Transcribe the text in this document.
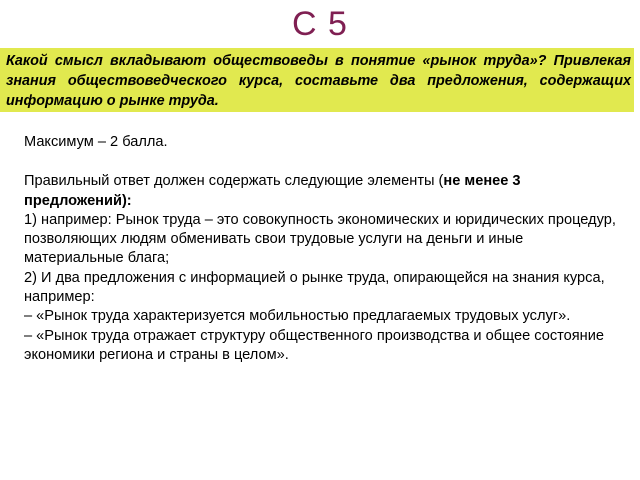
С 5

Какой смысл вкладывают обществоведы в понятие «рынок труда»? Привлекая знания обществоведческого курса, составьте два предложения, содержащих информацию о рынке труда.

Максимум – 2 балла.

Правильный ответ должен содержать следующие элементы (не менее 3 предложений):

1) например: Рынок труда – это совокупность экономических и юридических процедур, позволяющих людям обменивать свои трудовые услуги на деньги и иные материальные блага;

2) И два предложения с информацией о рынке труда, опирающейся на знания курса, например:

– «Рынок труда характеризуется мобильностью предлагаемых трудовых услуг».

– «Рынок труда отражает структуру общественного производства и общее состояние экономики региона и страны в целом».
